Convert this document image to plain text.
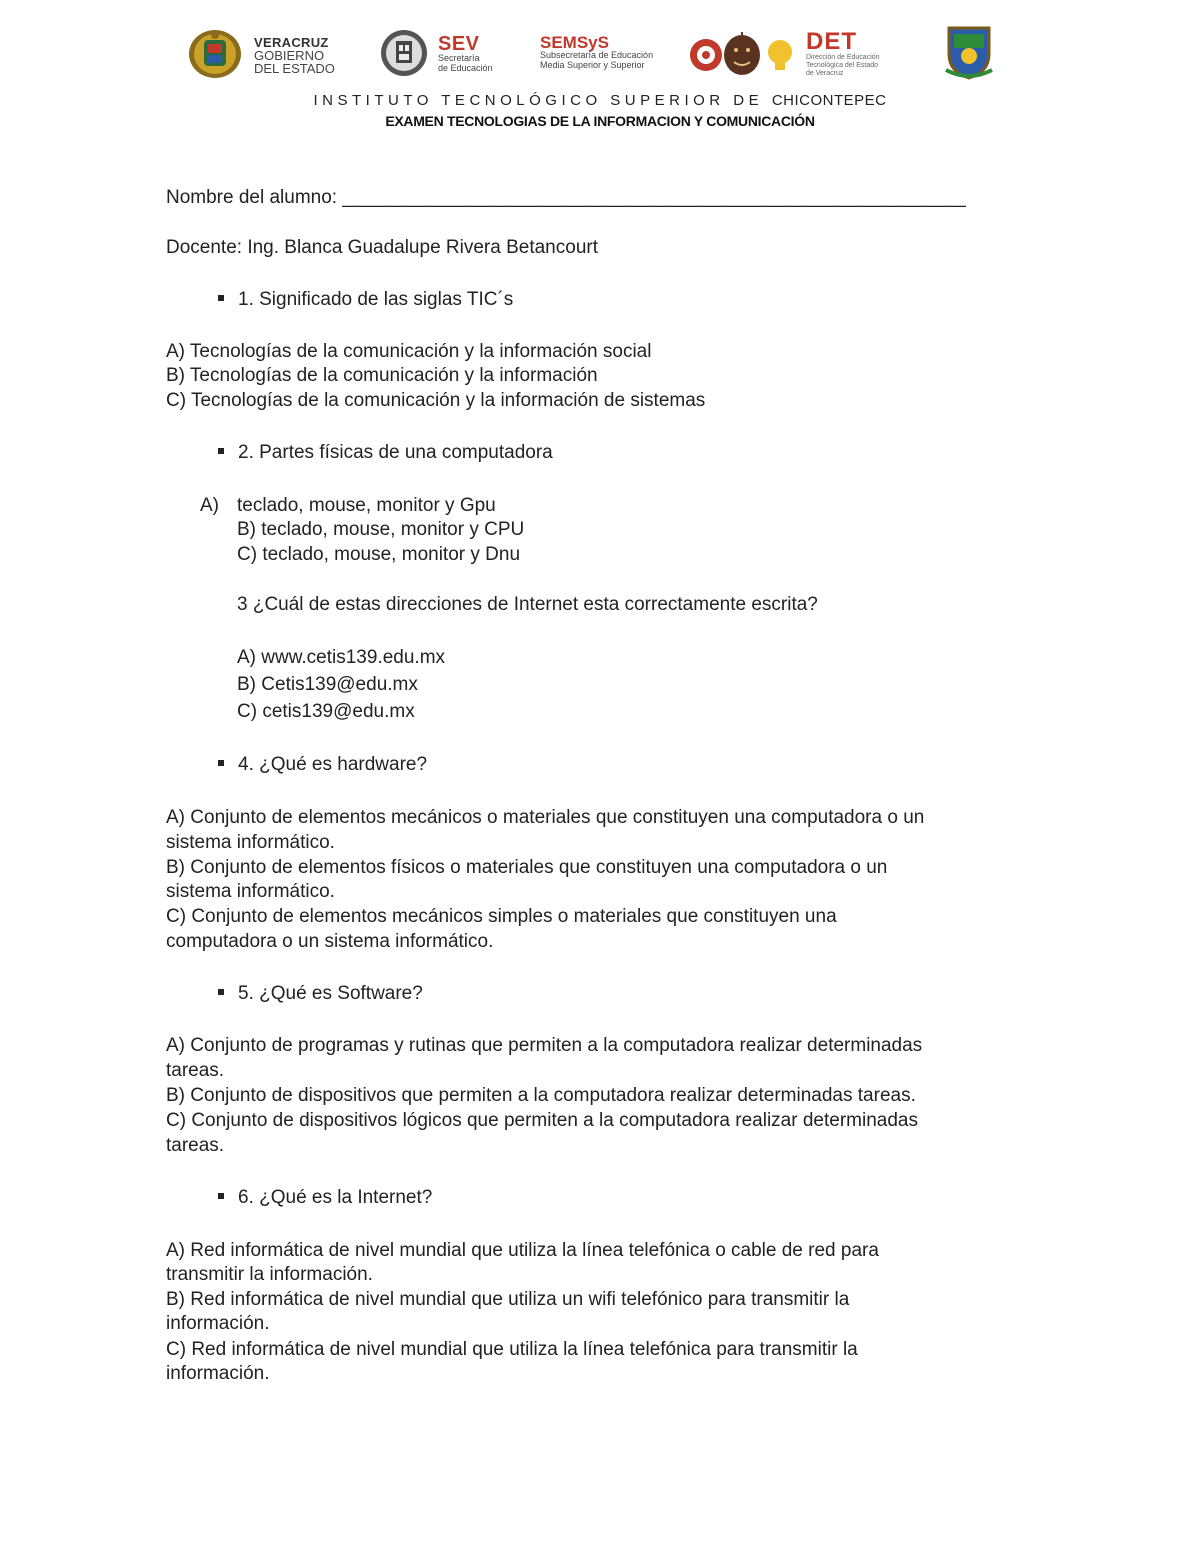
VERACRUZ
GOBIERNO
DEL ESTADO
SEV
Secretaría
de Educación
SEMSyS
Subsecretaría de Educación
Media Superior y Superior
DET
Dirección de Educación
Tecnológica del Estado
de Veracruz
INSTITUTO TECNOLÓGICO SUPERIOR DE CHICONTEPEC
EXAMEN TECNOLOGIAS DE LA INFORMACION Y COMUNICACIÓN
Nombre del alumno: ___________________________________________________________
Docente: Ing. Blanca Guadalupe Rivera Betancourt
1. Significado de las siglas TIC´s
A) Tecnologías de la comunicación y la información social
B) Tecnologías de la comunicación y la información
C) Tecnologías de la comunicación y la información de sistemas
2. Partes físicas de una computadora
A) teclado, mouse, monitor y Gpu
B) teclado, mouse, monitor y CPU
C) teclado, mouse, monitor y Dnu
3 ¿Cuál de estas direcciones de Internet esta correctamente escrita?
A) www.cetis139.edu.mx
B) Cetis139@edu.mx
C) cetis139@edu.mx
4. ¿Qué es hardware?
A) Conjunto de elementos mecánicos o materiales que constituyen una computadora o un
sistema informático.
B) Conjunto de elementos físicos o materiales que constituyen una computadora o un
sistema informático.
C) Conjunto de elementos mecánicos simples o materiales que constituyen una
computadora o un sistema informático.
5. ¿Qué es Software?
A) Conjunto de programas y rutinas que permiten a la computadora realizar determinadas
tareas.
B) Conjunto de dispositivos que permiten a la computadora realizar determinadas tareas.
C) Conjunto de dispositivos lógicos que permiten a la computadora realizar determinadas
tareas.
6. ¿Qué es la Internet?
A) Red informática de nivel mundial que utiliza la línea telefónica o cable de red para
transmitir la información.
B) Red informática de nivel mundial que utiliza un wifi telefónico para transmitir la
información.
C) Red informática de nivel mundial que utiliza la línea telefónica para transmitir la
información.
